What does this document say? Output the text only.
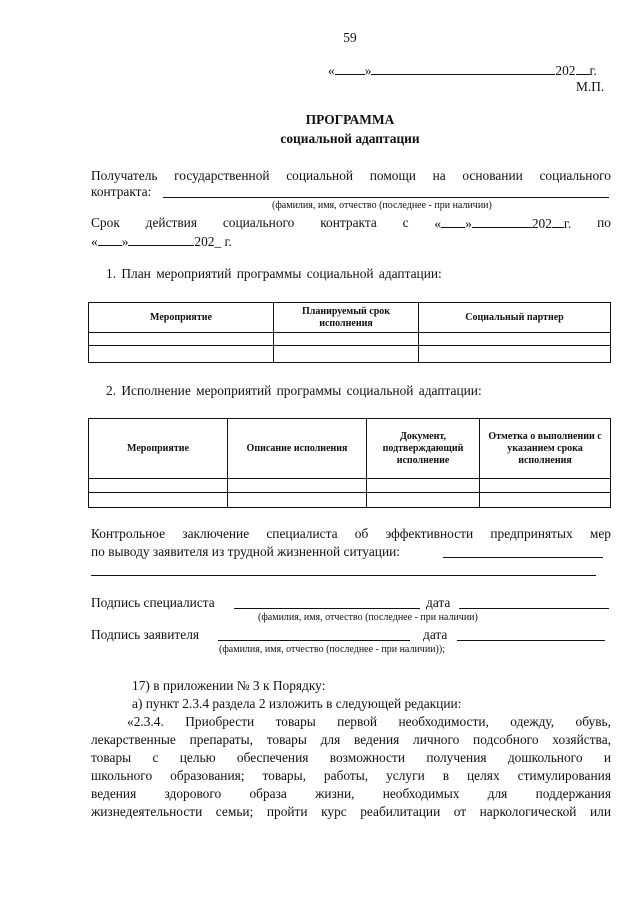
59
« »	202 г.
М.П.
ПРОГРАММА
социальной адаптации
Получатель государственной социальной помощи на основании социального
контракта:
(фамилия, имя, отчество (последнее - при наличии)
Срок действия социального контракта с « »	202 г. по
« »	202_ г.
1. План мероприятий программы социальной адаптации:
Мероприятие	Планируемый срок исполнения	Социальный партнер

2. Исполнение мероприятий программы социальной адаптации:
Мероприятие	Описание исполнения	Документ, подтверждающий исполнение	Отметка о выполнении с указанием срока исполнения

Контрольное заключение специалиста об эффективности предпринятых мер
по выводу заявителя из трудной жизненной ситуации:
Подпись специалиста	дата
(фамилия, имя, отчество (последнее - при наличии)
Подпись заявителя	дата
(фамилия, имя, отчество (последнее - при наличии));
17) в приложении № 3 к Порядку:
а) пункт 2.3.4 раздела 2 изложить в следующей редакции:
«2.3.4. Приобрести товары первой необходимости, одежду, обувь,
лекарственные препараты, товары для ведения личного подсобного хозяйства,
товары с целью обеспечения возможности получения дошкольного и
школьного образования; товары, работы, услуги в целях стимулирования
ведения здорового образа жизни, необходимых для поддержания
жизнедеятельности семьи; пройти курс реабилитации от наркологической или
